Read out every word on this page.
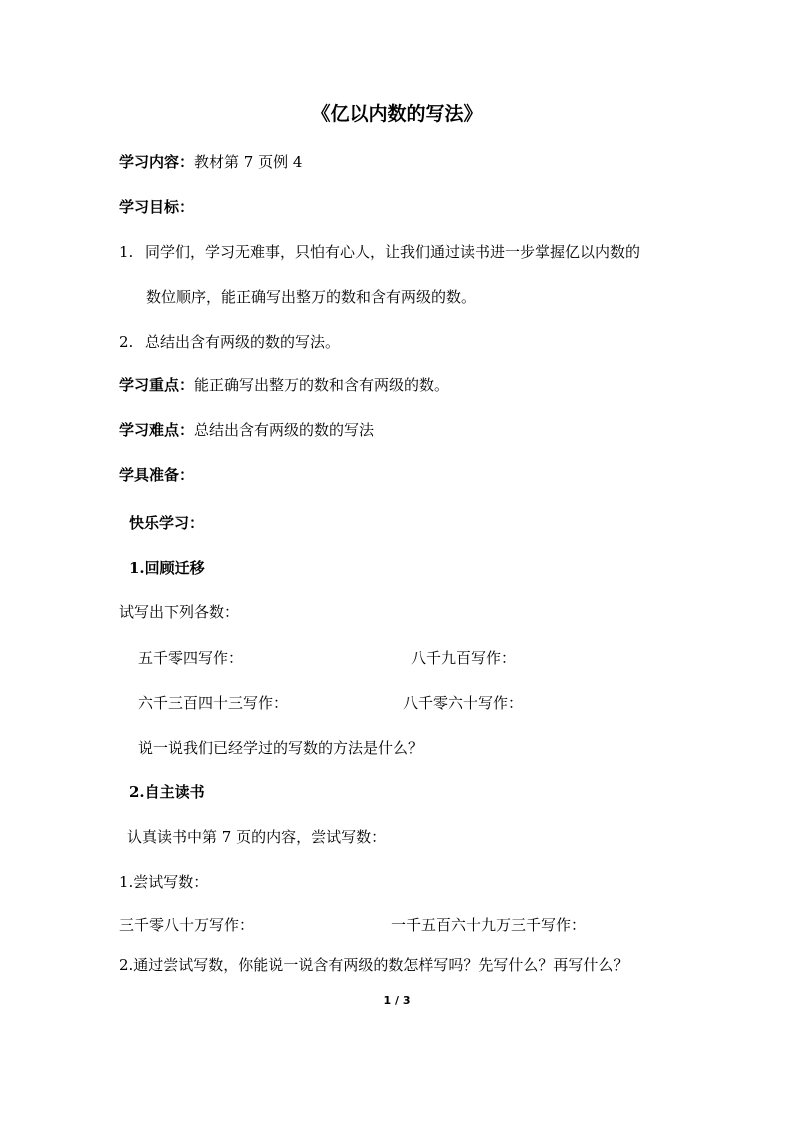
《亿以内数的写法》
学习内容：教材第 7 页例 4
学习目标：
1. 同学们，学习无难事，只怕有心人，让我们通过读书进一步掌握亿以内数的
数位顺序，能正确写出整万的数和含有两级的数。
2. 总结出含有两级的数的写法。
学习重点：能正确写出整万的数和含有两级的数。
学习难点：总结出含有两级的数的写法
学具准备：
快乐学习：
1.回顾迁移
试写出下列各数：
五千零四写作：	八千九百写作：
六千三百四十三写作：	八千零六十写作：
说一说我们已经学过的写数的方法是什么？
2.自主读书
认真读书中第 7 页的内容，尝试写数：
1.尝试写数：
三千零八十万写作：	一千五百六十九万三千写作：
2.通过尝试写数，你能说一说含有两级的数怎样写吗？先写什么？再写什么？
1 / 3
